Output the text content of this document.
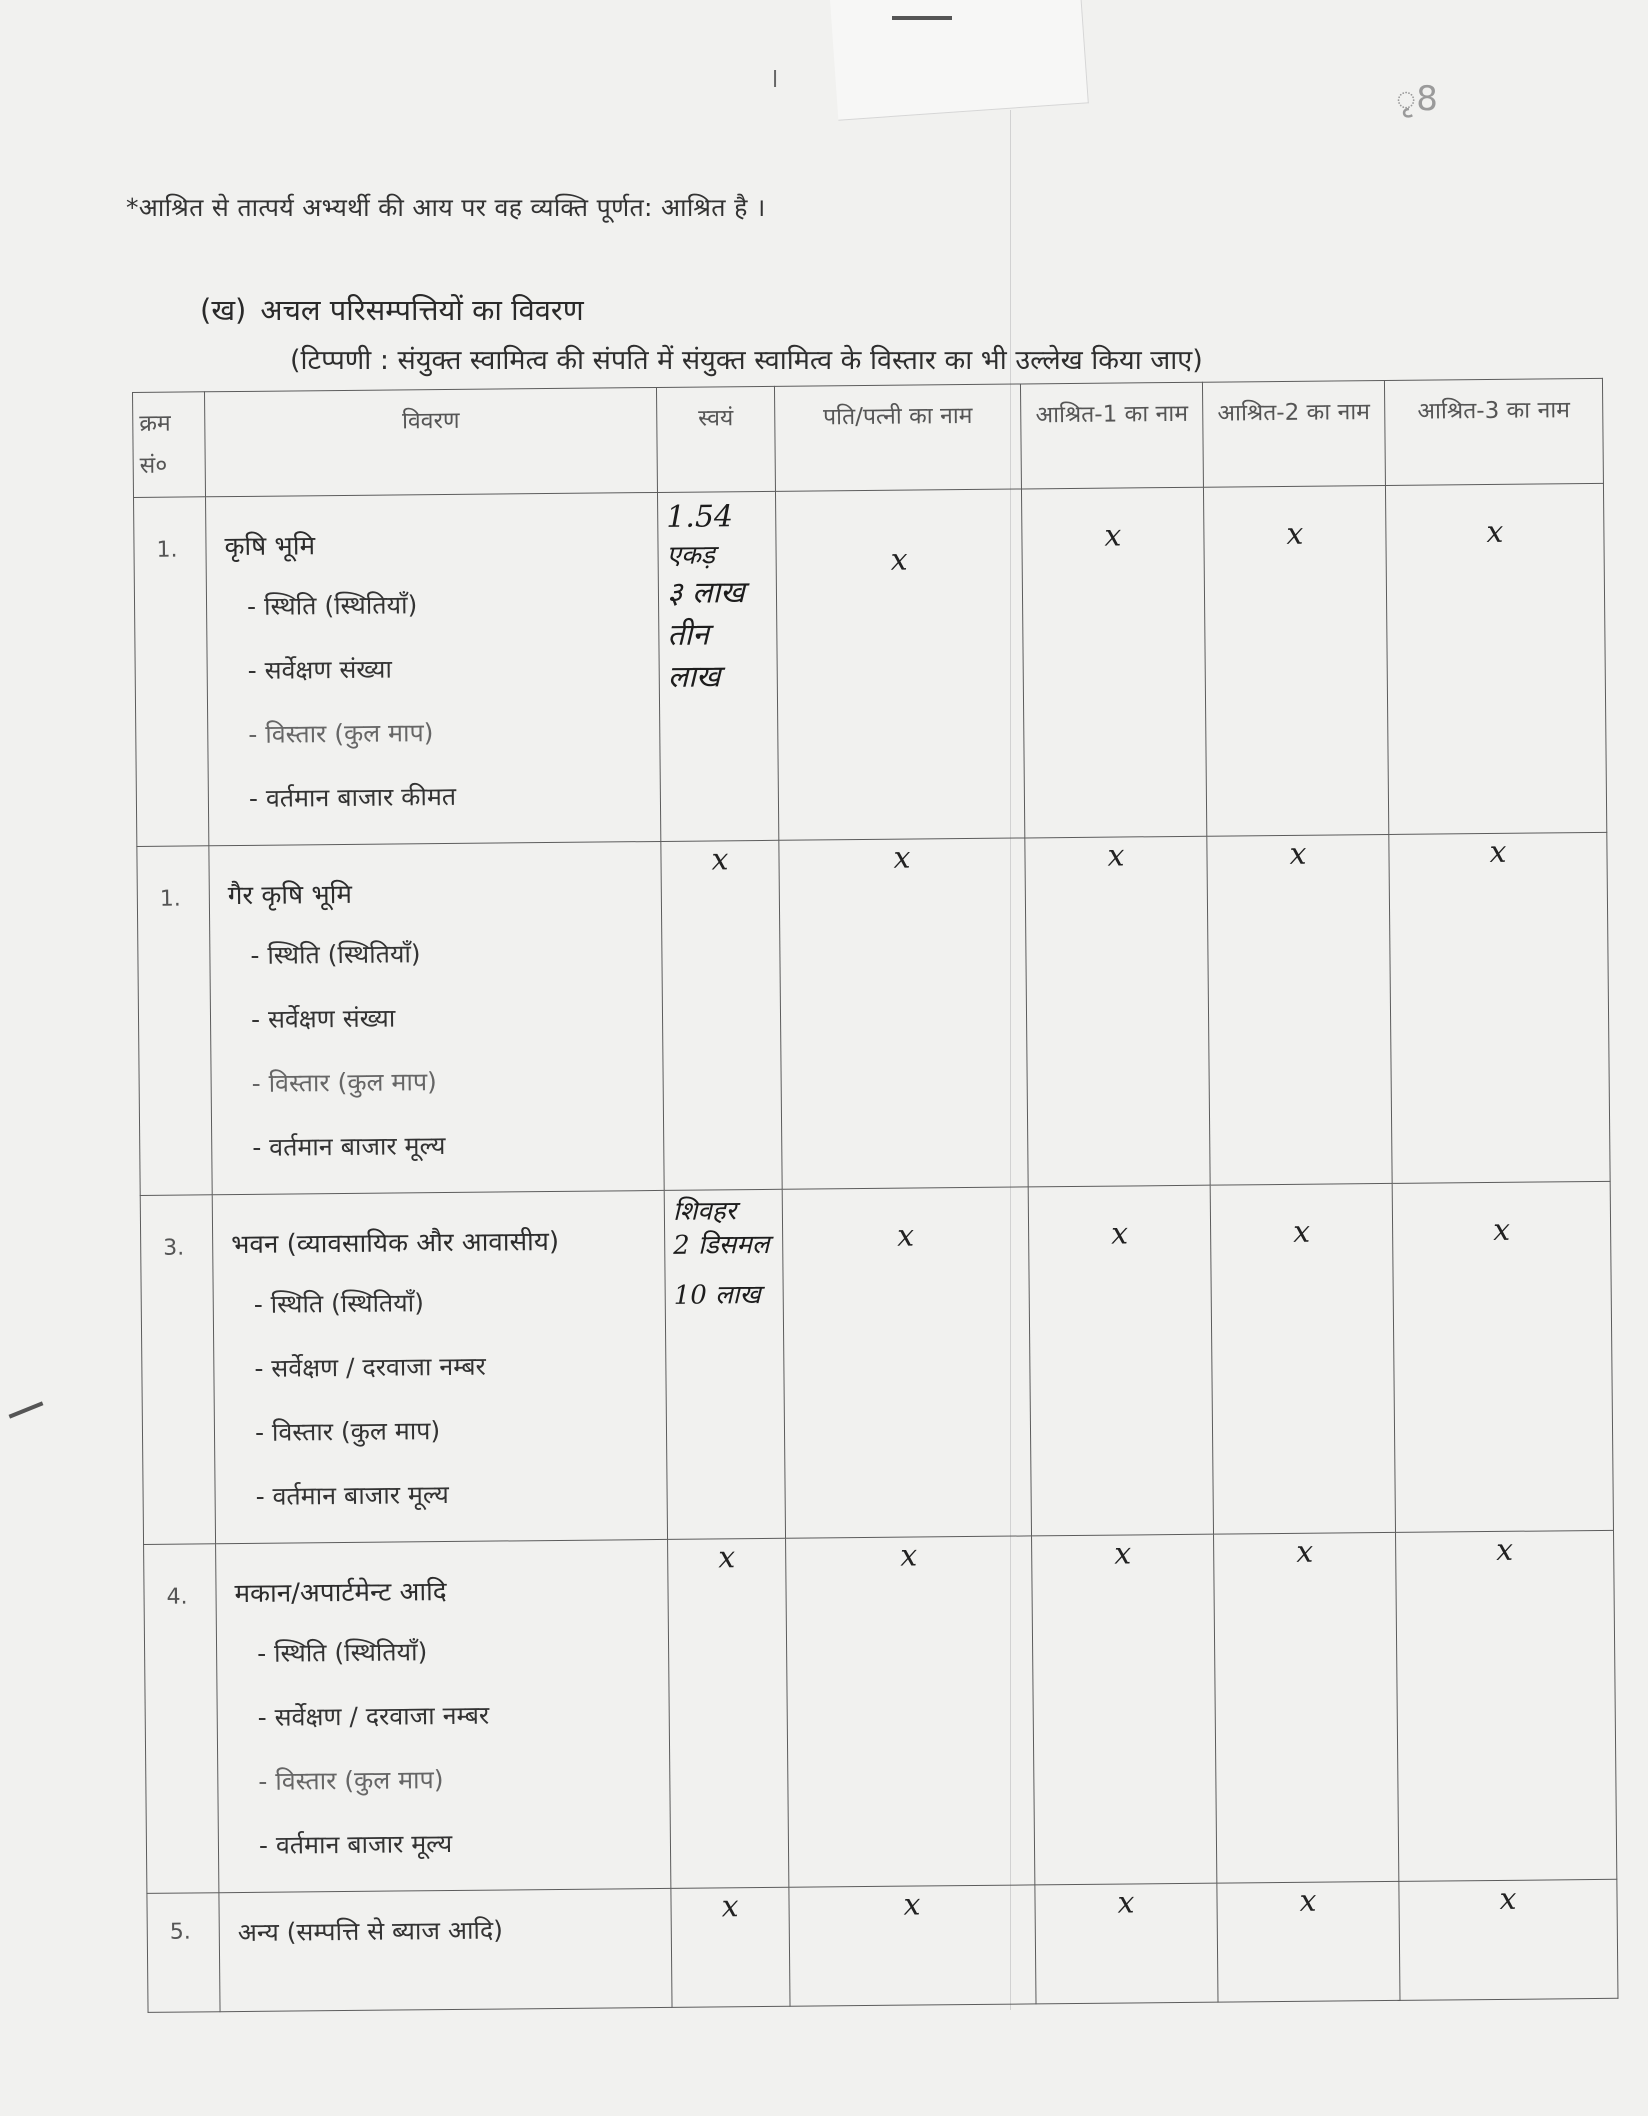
l	ृ8
*आश्रित से तात्पर्य अभ्यर्थी की आय पर वह व्यक्ति पूर्णत: आश्रित है ।
(ख) अचल परिसम्पत्तियों का विवरण
(टिप्पणी : संयुक्त स्वामित्व की संपति में संयुक्त स्वामित्व के विस्तार का भी उल्लेख किया जाए)
क्रम सं०	विवरण	स्वयं	पति/पत्नी का नाम	आश्रित-1 का नाम	आश्रित-2 का नाम	आश्रित-3 का नाम
1.	कृषि भूमि
- स्थिति (स्थितियाँ)
- सर्वेक्षण संख्या
- विस्तार (कुल माप)
- वर्तमान बाजार कीमत	1.54
एकड़
३ लाख
तीन
लाख	x	x	x	x
1.	गैर कृषि भूमि
- स्थिति (स्थितियाँ)
- सर्वेक्षण संख्या
- विस्तार (कुल माप)
- वर्तमान बाजार मूल्य	x	x	x	x	x
3.	भवन (व्यावसायिक और आवासीय)
- स्थिति (स्थितियाँ)
- सर्वेक्षण / दरवाजा नम्बर
- विस्तार (कुल माप)
- वर्तमान बाजार मूल्य	शिवहर
2 डिसमल
10 लाख	x	x	x	x
4.	मकान/अपार्टमेन्ट आदि
- स्थिति (स्थितियाँ)
- सर्वेक्षण / दरवाजा नम्बर
- विस्तार (कुल माप)
- वर्तमान बाजार मूल्य	x	x	x	x	x
5.	अन्य (सम्पत्ति से ब्याज आदि)	x	x	x	x	x
